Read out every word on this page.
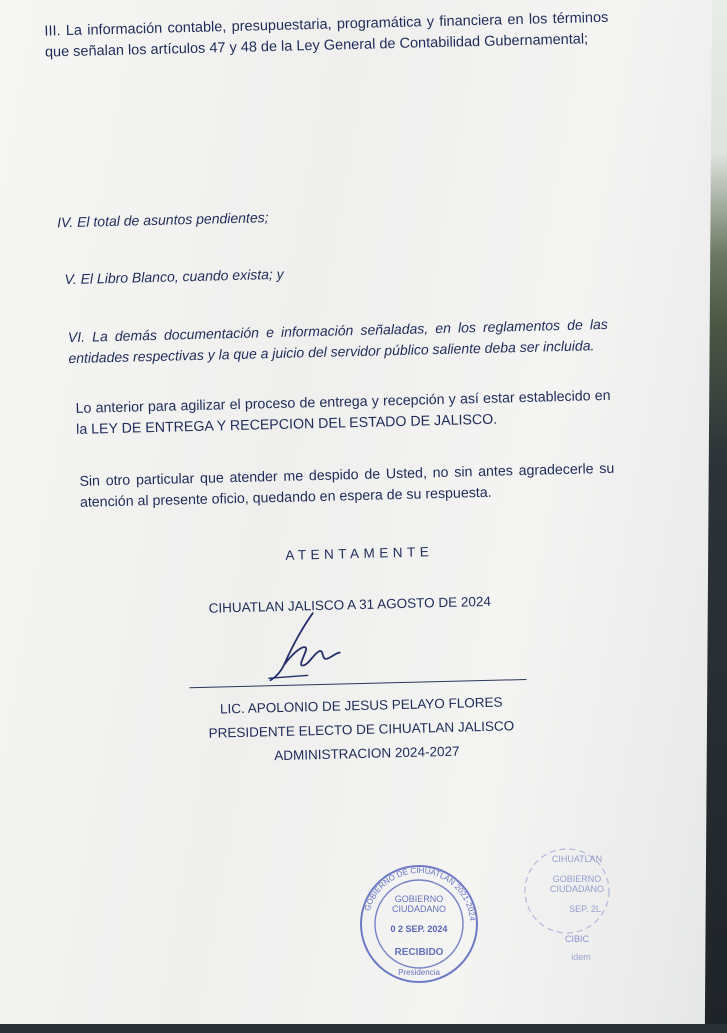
III. La información contable, presupuestaria, programática y financiera en los términos que señalan los artículos 47 y 48 de la Ley General de Contabilidad Gubernamental;
IV. El total de asuntos pendientes;
V. El Libro Blanco, cuando exista; y
VI. La demás documentación e información señaladas, en los reglamentos de las entidades respectivas y la que a juicio del servidor público saliente deba ser incluida.
Lo anterior para agilizar el proceso de entrega y recepción y así estar establecido en la LEY DE ENTREGA Y RECEPCION DEL ESTADO DE JALISCO.
Sin otro particular que atender me despido de Usted, no sin antes agradecerle su atención al presente oficio, quedando en espera de su respuesta.
ATENTAMENTE
CIHUATLAN JALISCO A 31 AGOSTO DE 2024
LIC. APOLONIO DE JESUS PELAYO FLORES
PRESIDENTE ELECTO DE CIHUATLAN JALISCO
ADMINISTRACION 2024-2027
GOBIERNO DE CIHUATLÁN 2021-2024
GOBIERNO
CIUDADANO
0 2 SEP. 2024
RECIBIDO
Presidencia
CIHUATLAN
GOBIERNO
CIUDADANO
SEP. 2L
CIBIC
idem
